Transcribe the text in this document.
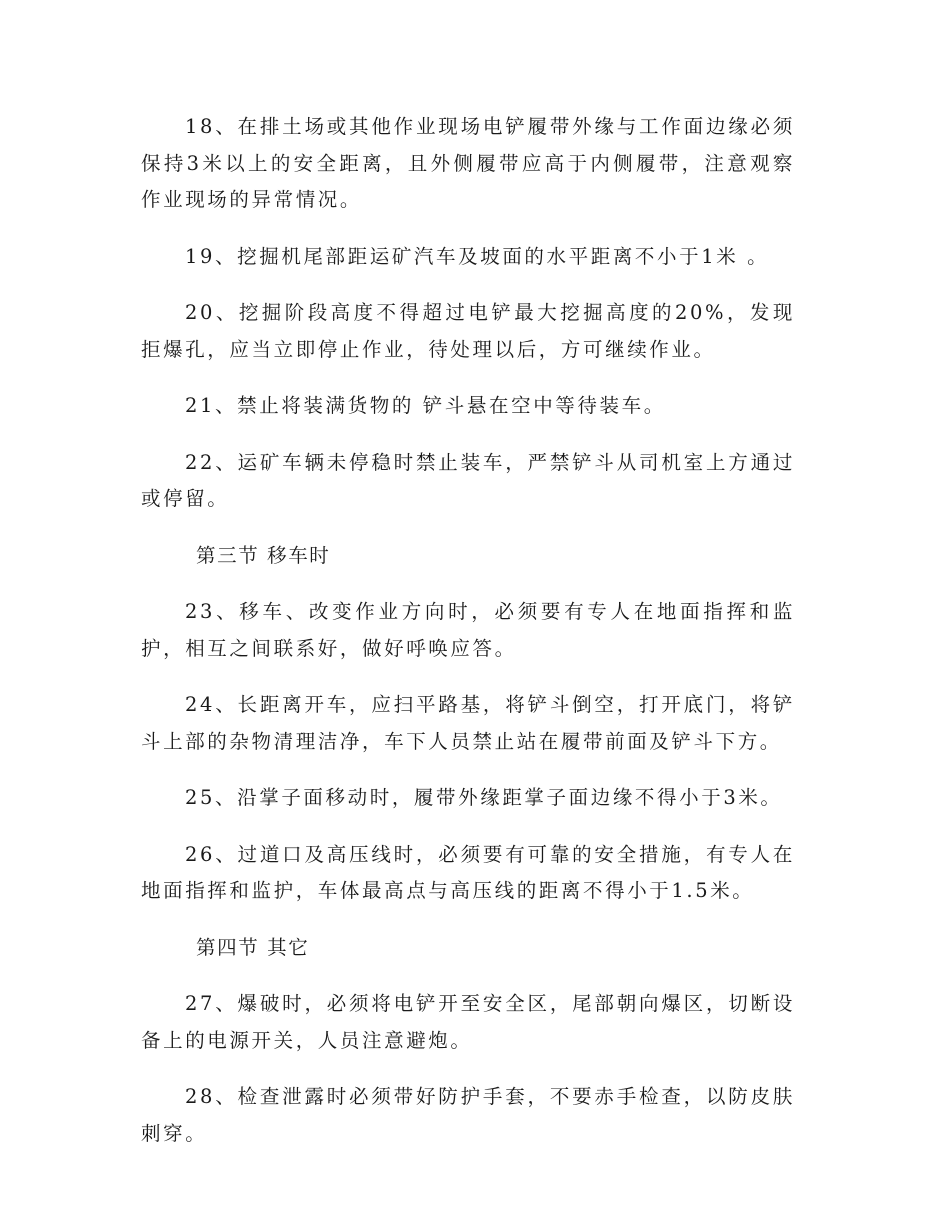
18、在排土场或其他作业现场电铲履带外缘与工作面边缘必须保持3米以上的安全距离，且外侧履带应高于内侧履带，注意观察作业现场的异常情况。

19、挖掘机尾部距运矿汽车及坡面的水平距离不小于1米 。

20、挖掘阶段高度不得超过电铲最大挖掘高度的20%，发现拒爆孔，应当立即停止作业，待处理以后，方可继续作业。

21、禁止将装满货物的 铲斗悬在空中等待装车。

22、运矿车辆未停稳时禁止装车，严禁铲斗从司机室上方通过或停留。

第三节 移车时

23、移车、改变作业方向时，必须要有专人在地面指挥和监护，相互之间联系好，做好呼唤应答。

24、长距离开车，应扫平路基，将铲斗倒空，打开底门，将铲斗上部的杂物清理洁净，车下人员禁止站在履带前面及铲斗下方。

25、沿掌子面移动时，履带外缘距掌子面边缘不得小于3米。

26、过道口及高压线时，必须要有可靠的安全措施，有专人在地面指挥和监护，车体最高点与高压线的距离不得小于1.5米。

第四节 其它

27、爆破时，必须将电铲开至安全区，尾部朝向爆区，切断设备上的电源开关，人员注意避炮。

28、检查泄露时必须带好防护手套，不要赤手检查，以防皮肤刺穿。
